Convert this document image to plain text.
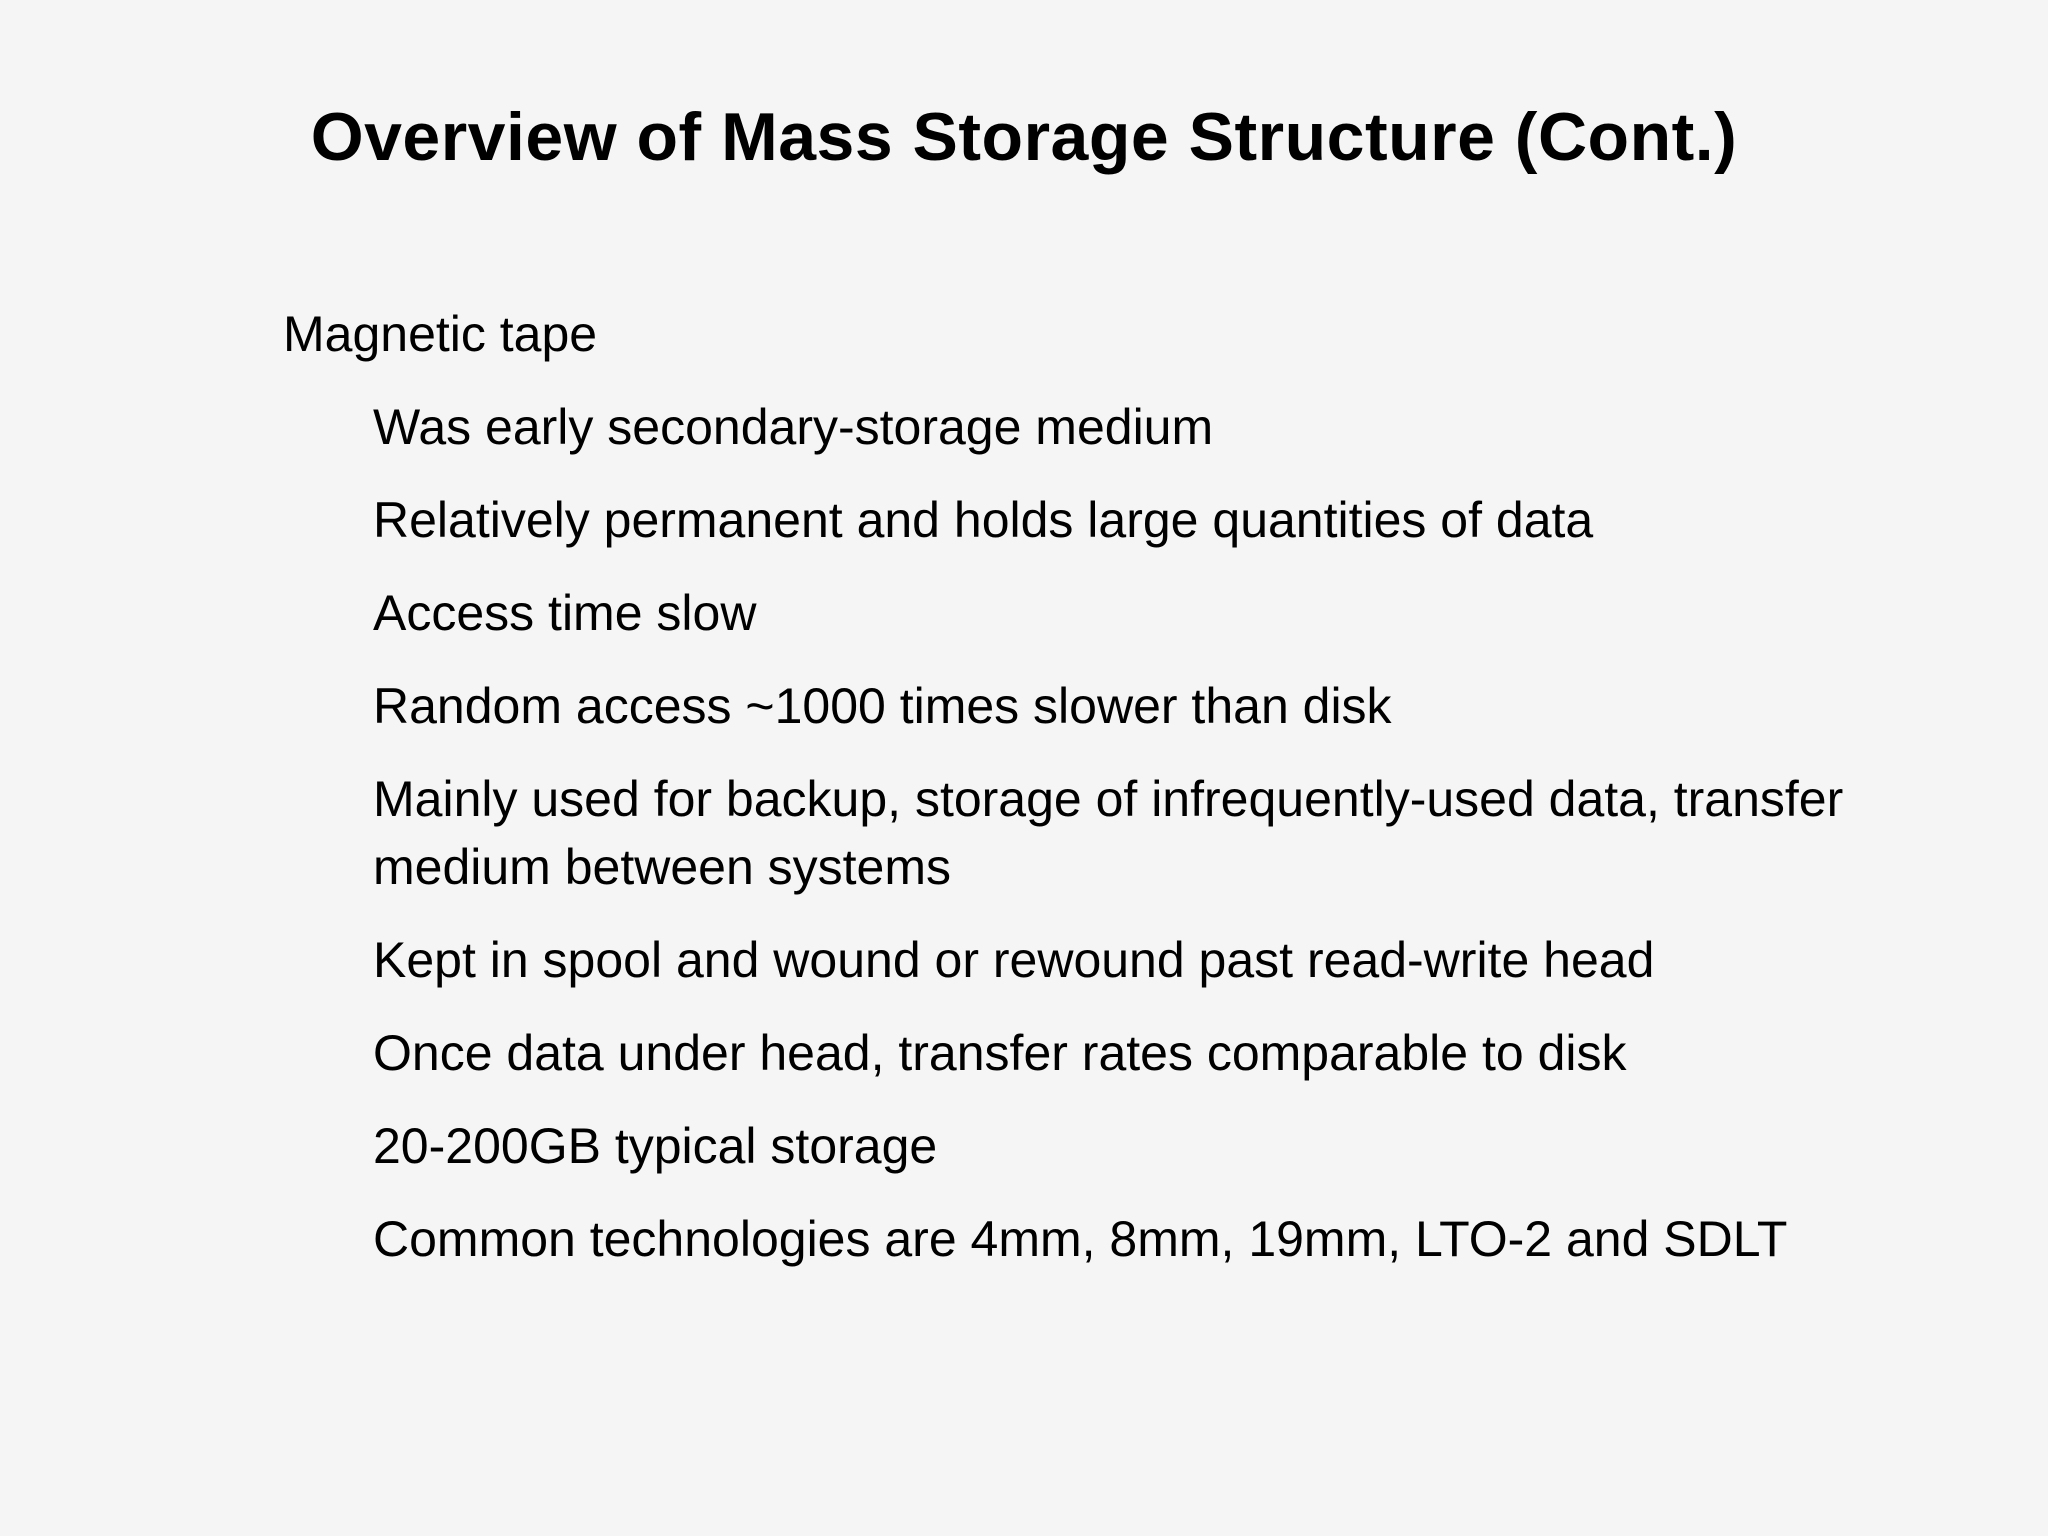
Overview of Mass Storage Structure (Cont.)
Magnetic tape
Was early secondary-storage medium
Relatively permanent and holds large quantities of data
Access time slow
Random access ~1000 times slower than disk
Mainly used for backup, storage of infrequently-used data, transfer medium between systems
Kept in spool and wound or rewound past read-write head
Once data under head, transfer rates comparable to disk
20-200GB typical storage
Common technologies are 4mm, 8mm, 19mm, LTO-2 and SDLT
